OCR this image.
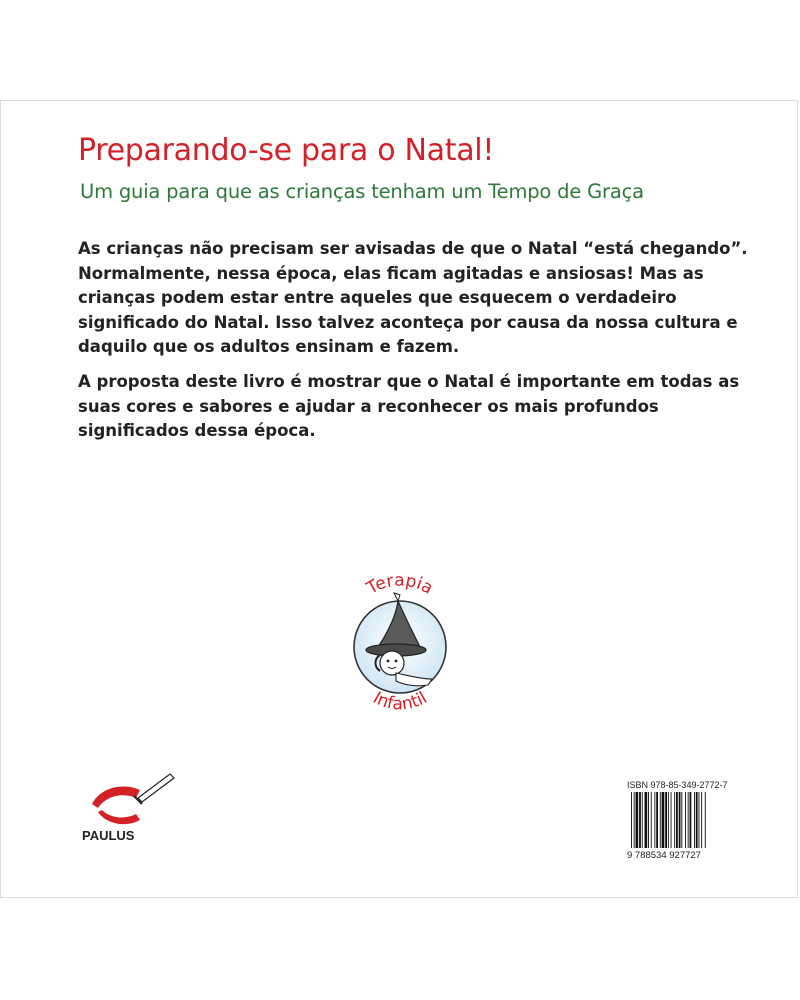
Preparando-se para o Natal!
Um guia para que as crianças tenham um Tempo de Graça

As crianças não precisam ser avisadas de que o Natal “está chegando”. Normalmente, nessa época, elas ficam agitadas e ansiosas! Mas as crianças podem estar entre aqueles que esquecem o verdadeiro significado do Natal. Isso talvez aconteça por causa da nossa cultura e daquilo que os adultos ensinam e fazem.

A proposta deste livro é mostrar que o Natal é importante em todas as suas cores e sabores e ajudar a reconhecer os mais profundos significados dessa época.

Terapia
Infantil
PAULUS
ISBN 978-85-349-2772-7
9 788534 927727
